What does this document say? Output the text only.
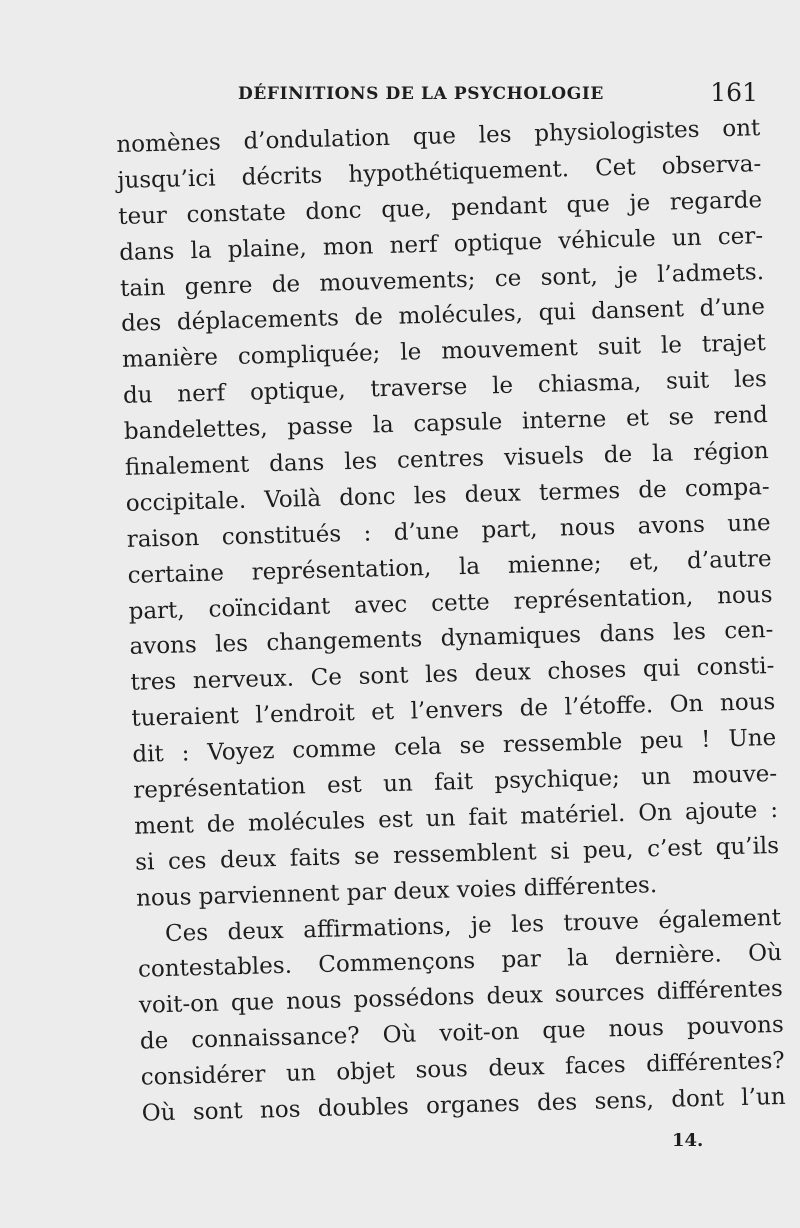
DÉFINITIONS DE LA PSYCHOLOGIE	161
nomènes d’ondulation que les physiologistes ont
jusqu’ici décrits hypothétiquement. Cet observa-
teur constate donc que, pendant que je regarde
dans la plaine, mon nerf optique véhicule un cer-
tain genre de mouvements; ce sont, je l’admets.
des déplacements de molécules, qui dansent d’une
manière compliquée; le mouvement suit le trajet
du nerf optique, traverse le chiasma, suit les
bandelettes, passe la capsule interne et se rend
finalement dans les centres visuels de la région
occipitale. Voilà donc les deux termes de compa-
raison constitués : d’une part, nous avons une
certaine représentation, la mienne; et, d’autre
part, coïncidant avec cette représentation, nous
avons les changements dynamiques dans les cen-
tres nerveux. Ce sont les deux choses qui consti-
tueraient l’endroit et l’envers de l’étoffe. On nous
dit : Voyez comme cela se ressemble peu ! Une
représentation est un fait psychique; un mouve-
ment de molécules est un fait matériel. On ajoute :
si ces deux faits se ressemblent si peu, c’est qu’ils
nous parviennent par deux voies différentes.
Ces deux affirmations, je les trouve également
contestables. Commençons par la dernière. Où
voit-on que nous possédons deux sources différentes
de connaissance? Où voit-on que nous pouvons
considérer un objet sous deux faces différentes?
Où sont nos doubles organes des sens, dont l’un
14.
